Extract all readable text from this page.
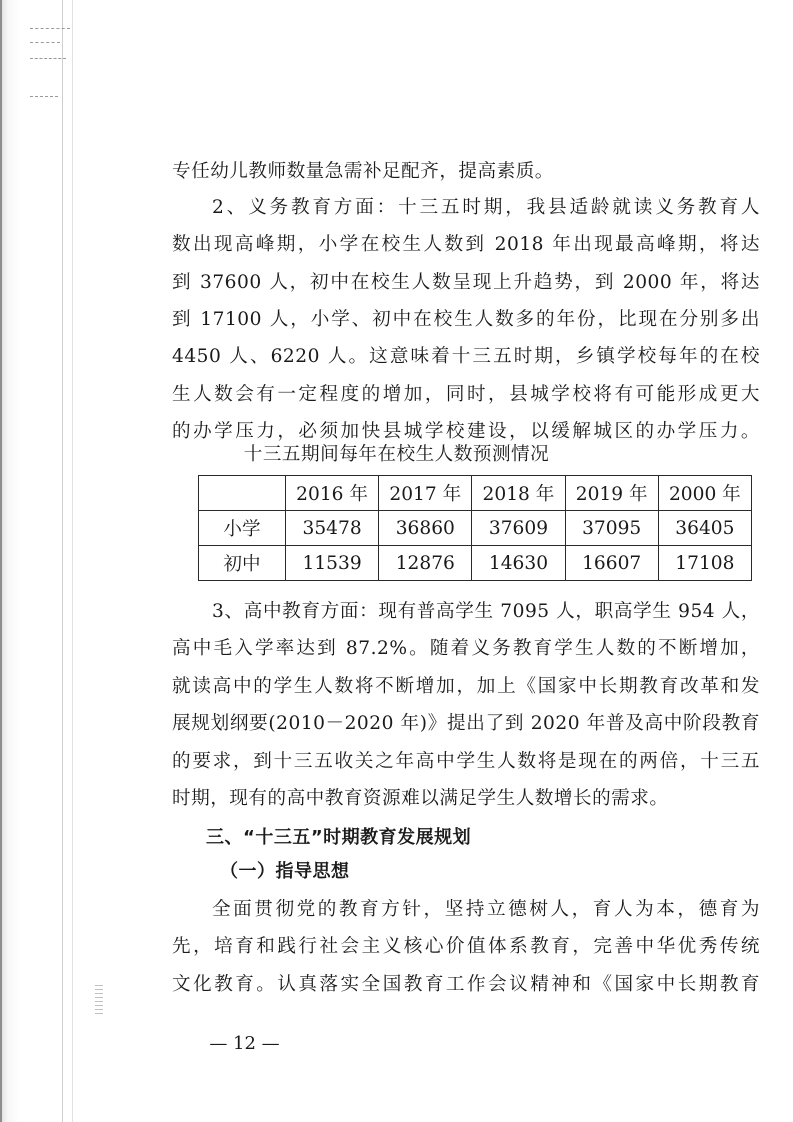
专任幼儿教师数量急需补足配齐，提高素质。
2、义务教育方面：十三五时期，我县适龄就读义务教育人
数出现高峰期，小学在校生人数到 2018 年出现最高峰期，将达
到 37600 人，初中在校生人数呈现上升趋势，到 2000 年，将达
到 17100 人，小学、初中在校生人数多的年份，比现在分别多出
4450 人、6220 人。这意味着十三五时期，乡镇学校每年的在校
生人数会有一定程度的增加，同时，县城学校将有可能形成更大
的办学压力，必须加快县城学校建设，以缓解城区的办学压力。
十三五期间每年在校生人数预测情况
	2016 年	2017 年	2018 年	2019 年	2000 年
小学	35478	36860	37609	37095	36405
初中	11539	12876	14630	16607	17108
3、高中教育方面：现有普高学生 7095 人，职高学生 954 人，
高中毛入学率达到 87.2%。随着义务教育学生人数的不断增加，
就读高中的学生人数将不断增加，加上《国家中长期教育改革和发
展规划纲要(2010－2020 年)》提出了到 2020 年普及高中阶段教育
的要求，到十三五收关之年高中学生人数将是现在的两倍，十三五
时期，现有的高中教育资源难以满足学生人数增长的需求。
三、“十三五”时期教育发展规划
（一）指导思想
全面贯彻党的教育方针，坚持立德树人，育人为本，德育为
先，培育和践行社会主义核心价值体系教育，完善中华优秀传统
文化教育。认真落实全国教育工作会议精神和《国家中长期教育
— 12 —
